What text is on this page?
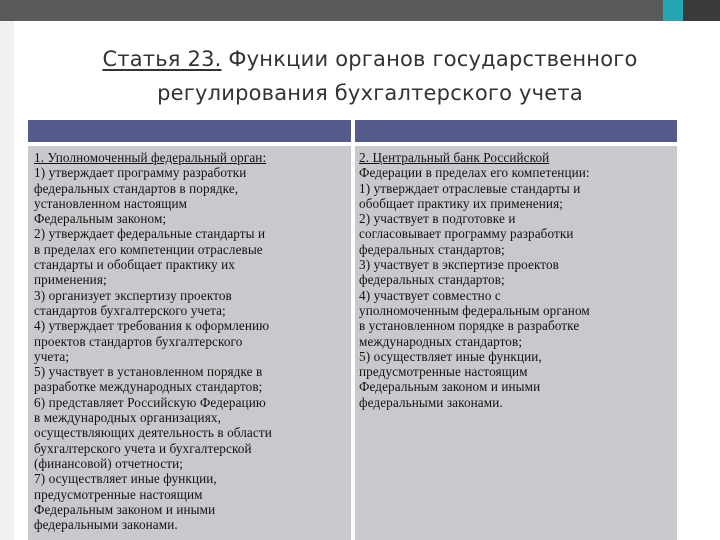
Статья 23. Функции органов государственного
регулирования бухгалтерского учета
1. Уполномоченный федеральный орган:
1) утверждает программу разработки
федеральных стандартов в порядке,
установленном настоящим
Федеральным законом;
2) утверждает федеральные стандарты и
в пределах его компетенции отраслевые
стандарты и обобщает практику их
применения;
3) организует экспертизу проектов
стандартов бухгалтерского учета;
4) утверждает требования к оформлению
проектов стандартов бухгалтерского
учета;
5) участвует в установленном порядке в
разработке международных стандартов;
6) представляет Российскую Федерацию
в международных организациях,
осуществляющих деятельность в области
бухгалтерского учета и бухгалтерской
(финансовой) отчетности;
7) осуществляет иные функции,
предусмотренные настоящим
Федеральным законом и иными
федеральными законами.
2. Центральный банк Российской
Федерации в пределах его компетенции:
1) утверждает отраслевые стандарты и
обобщает практику их применения;
2) участвует в подготовке и
согласовывает программу разработки
федеральных стандартов;
3) участвует в экспертизе проектов
федеральных стандартов;
4) участвует совместно с
уполномоченным федеральным органом
в установленном порядке в разработке
международных стандартов;
5) осуществляет иные функции,
предусмотренные настоящим
Федеральным законом и иными
федеральными законами.
